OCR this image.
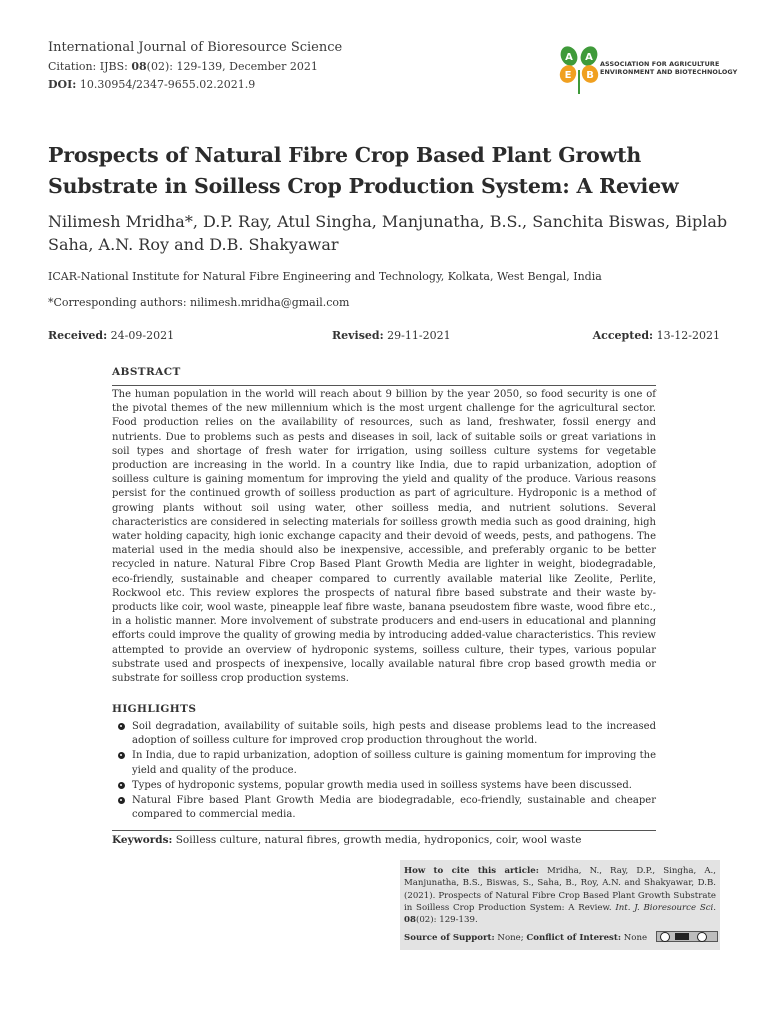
International Journal of Bioresource Science
Citation: IJBS: 08(02): 129-139, December 2021
DOI: 10.30954/2347-9655.02.2021.9
A A
E B
ASSOCIATION FOR AGRICULTURE
ENVIRONMENT AND BIOTECHNOLOGY
Prospects of Natural Fibre Crop Based Plant Growth Substrate in Soilless Crop Production System: A Review
Nilimesh Mridha*, D.P. Ray, Atul Singha, Manjunatha, B.S., Sanchita Biswas, Biplab Saha, A.N. Roy and D.B. Shakyawar
ICAR-National Institute for Natural Fibre Engineering and Technology, Kolkata, West Bengal, India
*Corresponding authors: nilimesh.mridha@gmail.com
Received: 24-09-2021	Revised: 29-11-2021	Accepted: 13-12-2021
ABSTRACT
The human population in the world will reach about 9 billion by the year 2050, so food security is one of the pivotal themes of the new millennium which is the most urgent challenge for the agricultural sector. Food production relies on the availability of resources, such as land, freshwater, fossil energy and nutrients. Due to problems such as pests and diseases in soil, lack of suitable soils or great variations in soil types and shortage of fresh water for irrigation, using soilless culture systems for vegetable production are increasing in the world. In a country like India, due to rapid urbanization, adoption of soilless culture is gaining momentum for improving the yield and quality of the produce. Various reasons persist for the continued growth of soilless production as part of agriculture. Hydroponic is a method of growing plants without soil using water, other soilless media, and nutrient solutions. Several characteristics are considered in selecting materials for soilless growth media such as good draining, high water holding capacity, high ionic exchange capacity and their devoid of weeds, pests, and pathogens. The material used in the media should also be inexpensive, accessible, and preferably organic to be better recycled in nature. Natural Fibre Crop Based Plant Growth Media are lighter in weight, biodegradable, eco-friendly, sustainable and cheaper compared to currently available material like Zeolite, Perlite, Rockwool etc. This review explores the prospects of natural fibre based substrate and their waste by-products like coir, wool waste, pineapple leaf fibre waste, banana pseudostem fibre waste, wood fibre etc., in a holistic manner. More involvement of substrate producers and end-users in educational and planning efforts could improve the quality of growing media by introducing added-value characteristics. This review attempted to provide an overview of hydroponic systems, soilless culture, their types, various popular substrate used and prospects of inexpensive, locally available natural fibre crop based growth media or substrate for soilless crop production systems.
HIGHLIGHTS
Soil degradation, availability of suitable soils, high pests and disease problems lead to the increased adoption of soilless culture for improved crop production throughout the world.
In India, due to rapid urbanization, adoption of soilless culture is gaining momentum for improving the yield and quality of the produce.
Types of hydroponic systems, popular growth media used in soilless systems have been discussed.
Natural Fibre based Plant Growth Media are biodegradable, eco-friendly, sustainable and cheaper compared to commercial media.
Keywords: Soilless culture, natural fibres, growth media, hydroponics, coir, wool waste
How to cite this article: Mridha, N., Ray, D.P., Singha, A., Manjunatha, B.S., Biswas, S., Saha, B., Roy, A.N. and Shakyawar, D.B. (2021). Prospects of Natural Fibre Crop Based Plant Growth Substrate in Soilless Crop Production System: A Review. Int. J. Bioresource Sci. 08(02): 129-139.
Source of Support: None; Conflict of Interest: None
